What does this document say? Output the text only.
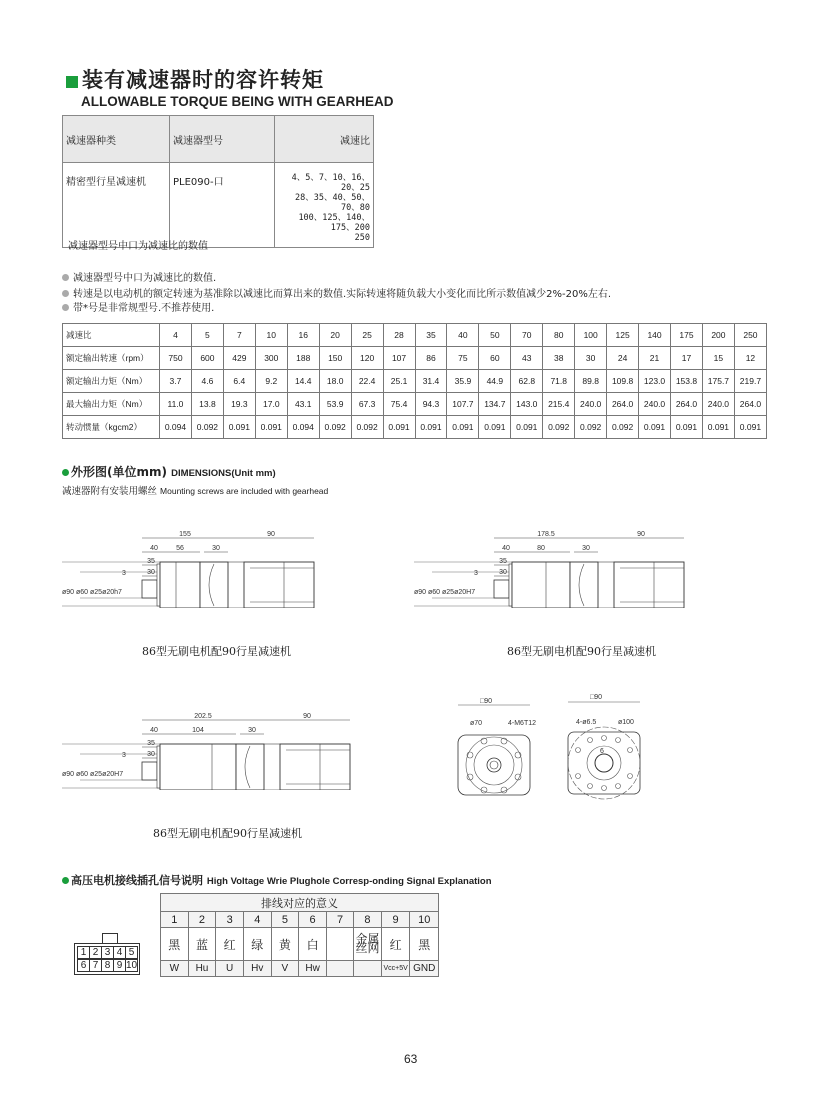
装有减速器时的容许转矩
ALLOWABLE TORQUE BEING WITH GEARHEAD
减速器种类	减速器型号	减速比
精密型行星减速机	PLE090-口	4、5、7、10、16、20、25
28、35、40、50、70、80
100、125、140、175、200
250
减速器型号中口为减速比的数值
减速器型号中口为减速比的数值.
转速是以电动机的额定转速为基准除以减速比而算出来的数值.实际转速将随负载大小变化而比所示数值减少2%-20%左右.
带*号是非常规型号.不推荐使用.
减速比	4	5	7	10	16	20	25	28	35	40	50	70	80	100	125	140	175	200	250
额定输出转速（rpm）	750	600	429	300	188	150	120	107	86	75	60	43	38	30	24	21	17	15	12
额定输出力矩（Nm）	3.7	4.6	6.4	9.2	14.4	18.0	22.4	25.1	31.4	35.9	44.9	62.8	71.8	89.8	109.8	123.0	153.8	175.7	219.7
最大输出力矩（Nm）	11.0	13.8	19.3	17.0	43.1	53.9	67.3	75.4	94.3	107.7	134.7	143.0	215.4	240.0	264.0	240.0	264.0	240.0	264.0
转动惯量（kgcm2）	0.094	0.092	0.091	0.091	0.094	0.092	0.092	0.091	0.091	0.091	0.091	0.091	0.092	0.092	0.092	0.091	0.091	0.091	0.091
外形图(单位mm) DIMENSIONS(Unit mm)
减速器附有安装用螺丝 Mounting screws are included with gearhead
155	90
40	56	30
35
30
3
ø90 ø60 ø25ø20h7
86型无刷电机配90行星减速机
178.5	90
40	80	30
35
30
3
ø90 ø60 ø25ø20H7
86型无刷电机配90行星减速机
202.5	90
40	104	30
35
30
3
ø90 ø60 ø25ø20H7
86型无刷电机配90行星减速机
□90
ø70	4-M6T12
□90
4-ø6.5	ø100
6
高压电机接线插孔信号说明 High Voltage Wrie Plughole Corresp-onding Signal Explanation
排线对应的意义									
1	2	3	4	5	6	7	8	9	10
黑	蓝	红	绿	黄	白		金属丝网	红	黑
W	Hu	U	Hv	V	Hw			Vcc+5V	GND
1 2 3 4 5
6 7 8 9 10
63
